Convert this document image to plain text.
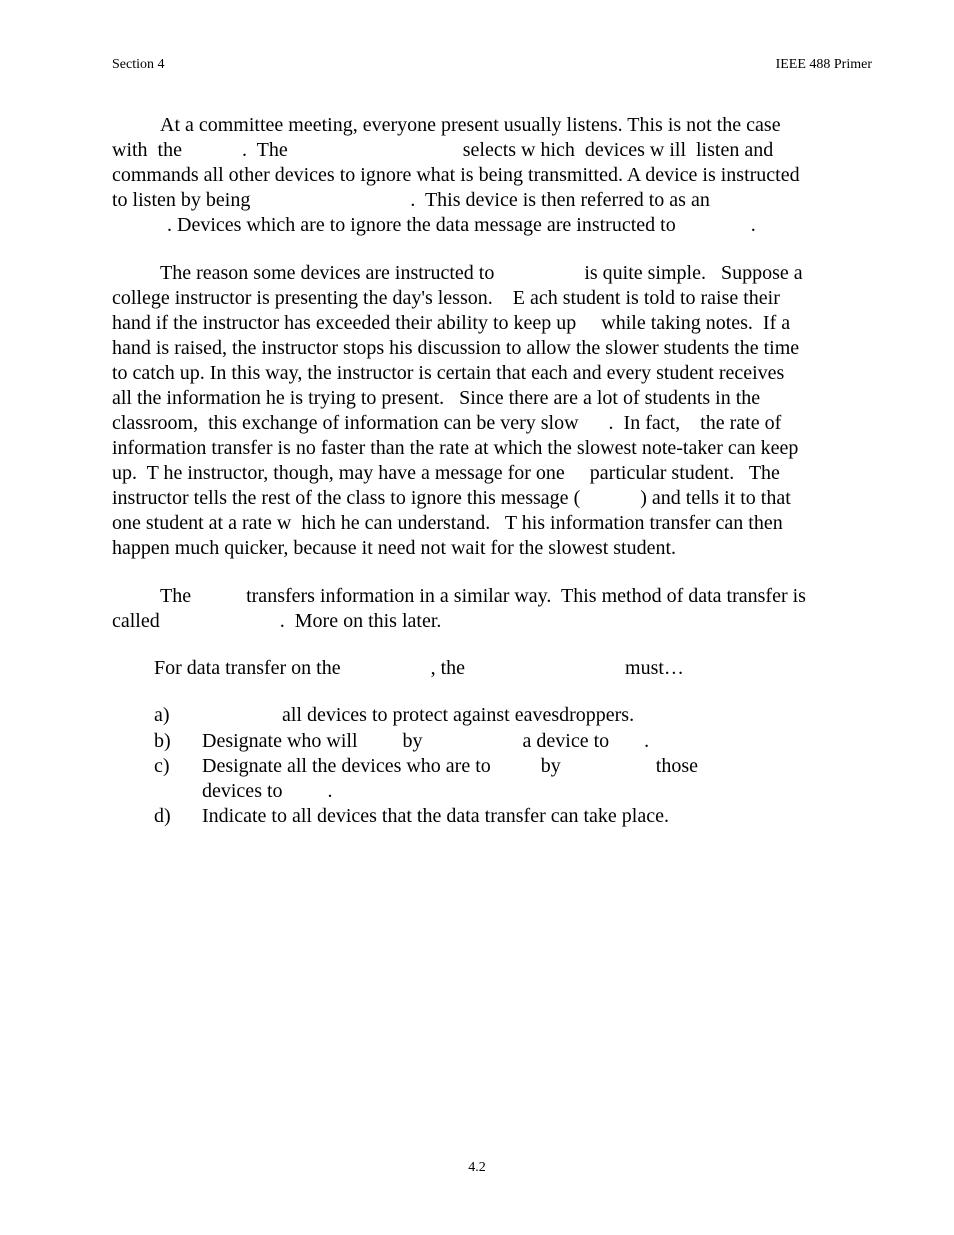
Section 4	IEEE 488 Primer
At a committee meeting, everyone present usually listens. This is not the case
with  the            .  The                                   selects w hich  devices w ill  listen and
commands all other devices to ignore what is being transmitted. A device is instructed
to listen by being                                .  This device is then referred to as an
. Devices which are to ignore the data message are instructed to               .
The reason some devices are instructed to                  is quite simple.   Suppose a
college instructor is presenting the day's lesson.    E ach student is told to raise their
hand if the instructor has exceeded their ability to keep up     while taking notes.  If a
hand is raised, the instructor stops his discussion to allow the slower students the time
to catch up. In this way, the instructor is certain that each and every student receives
all the information he is trying to present.   Since there are a lot of students in the
classroom,  this exchange of information can be very slow      .  In fact,    the rate of
information transfer is no faster than the rate at which the slowest note-taker can keep
up.  T he instructor, though, may have a message for one     particular student.   The
instructor tells the rest of the class to ignore this message (            ) and tells it to that
one student at a rate w  hich he can understand.   T his information transfer can then
happen much quicker, because it need not wait for the slowest student.
The           transfers information in a similar way.  This method of data transfer is
called                        .  More on this later.
For data transfer on the                  , the                                must…
a) all devices to protect against eavesdroppers.
b) Designate who will         by                    a device to       .
c) Designate all the devices who are to          by                   those
devices to         .
d) Indicate to all devices that the data transfer can take place.
4.2
